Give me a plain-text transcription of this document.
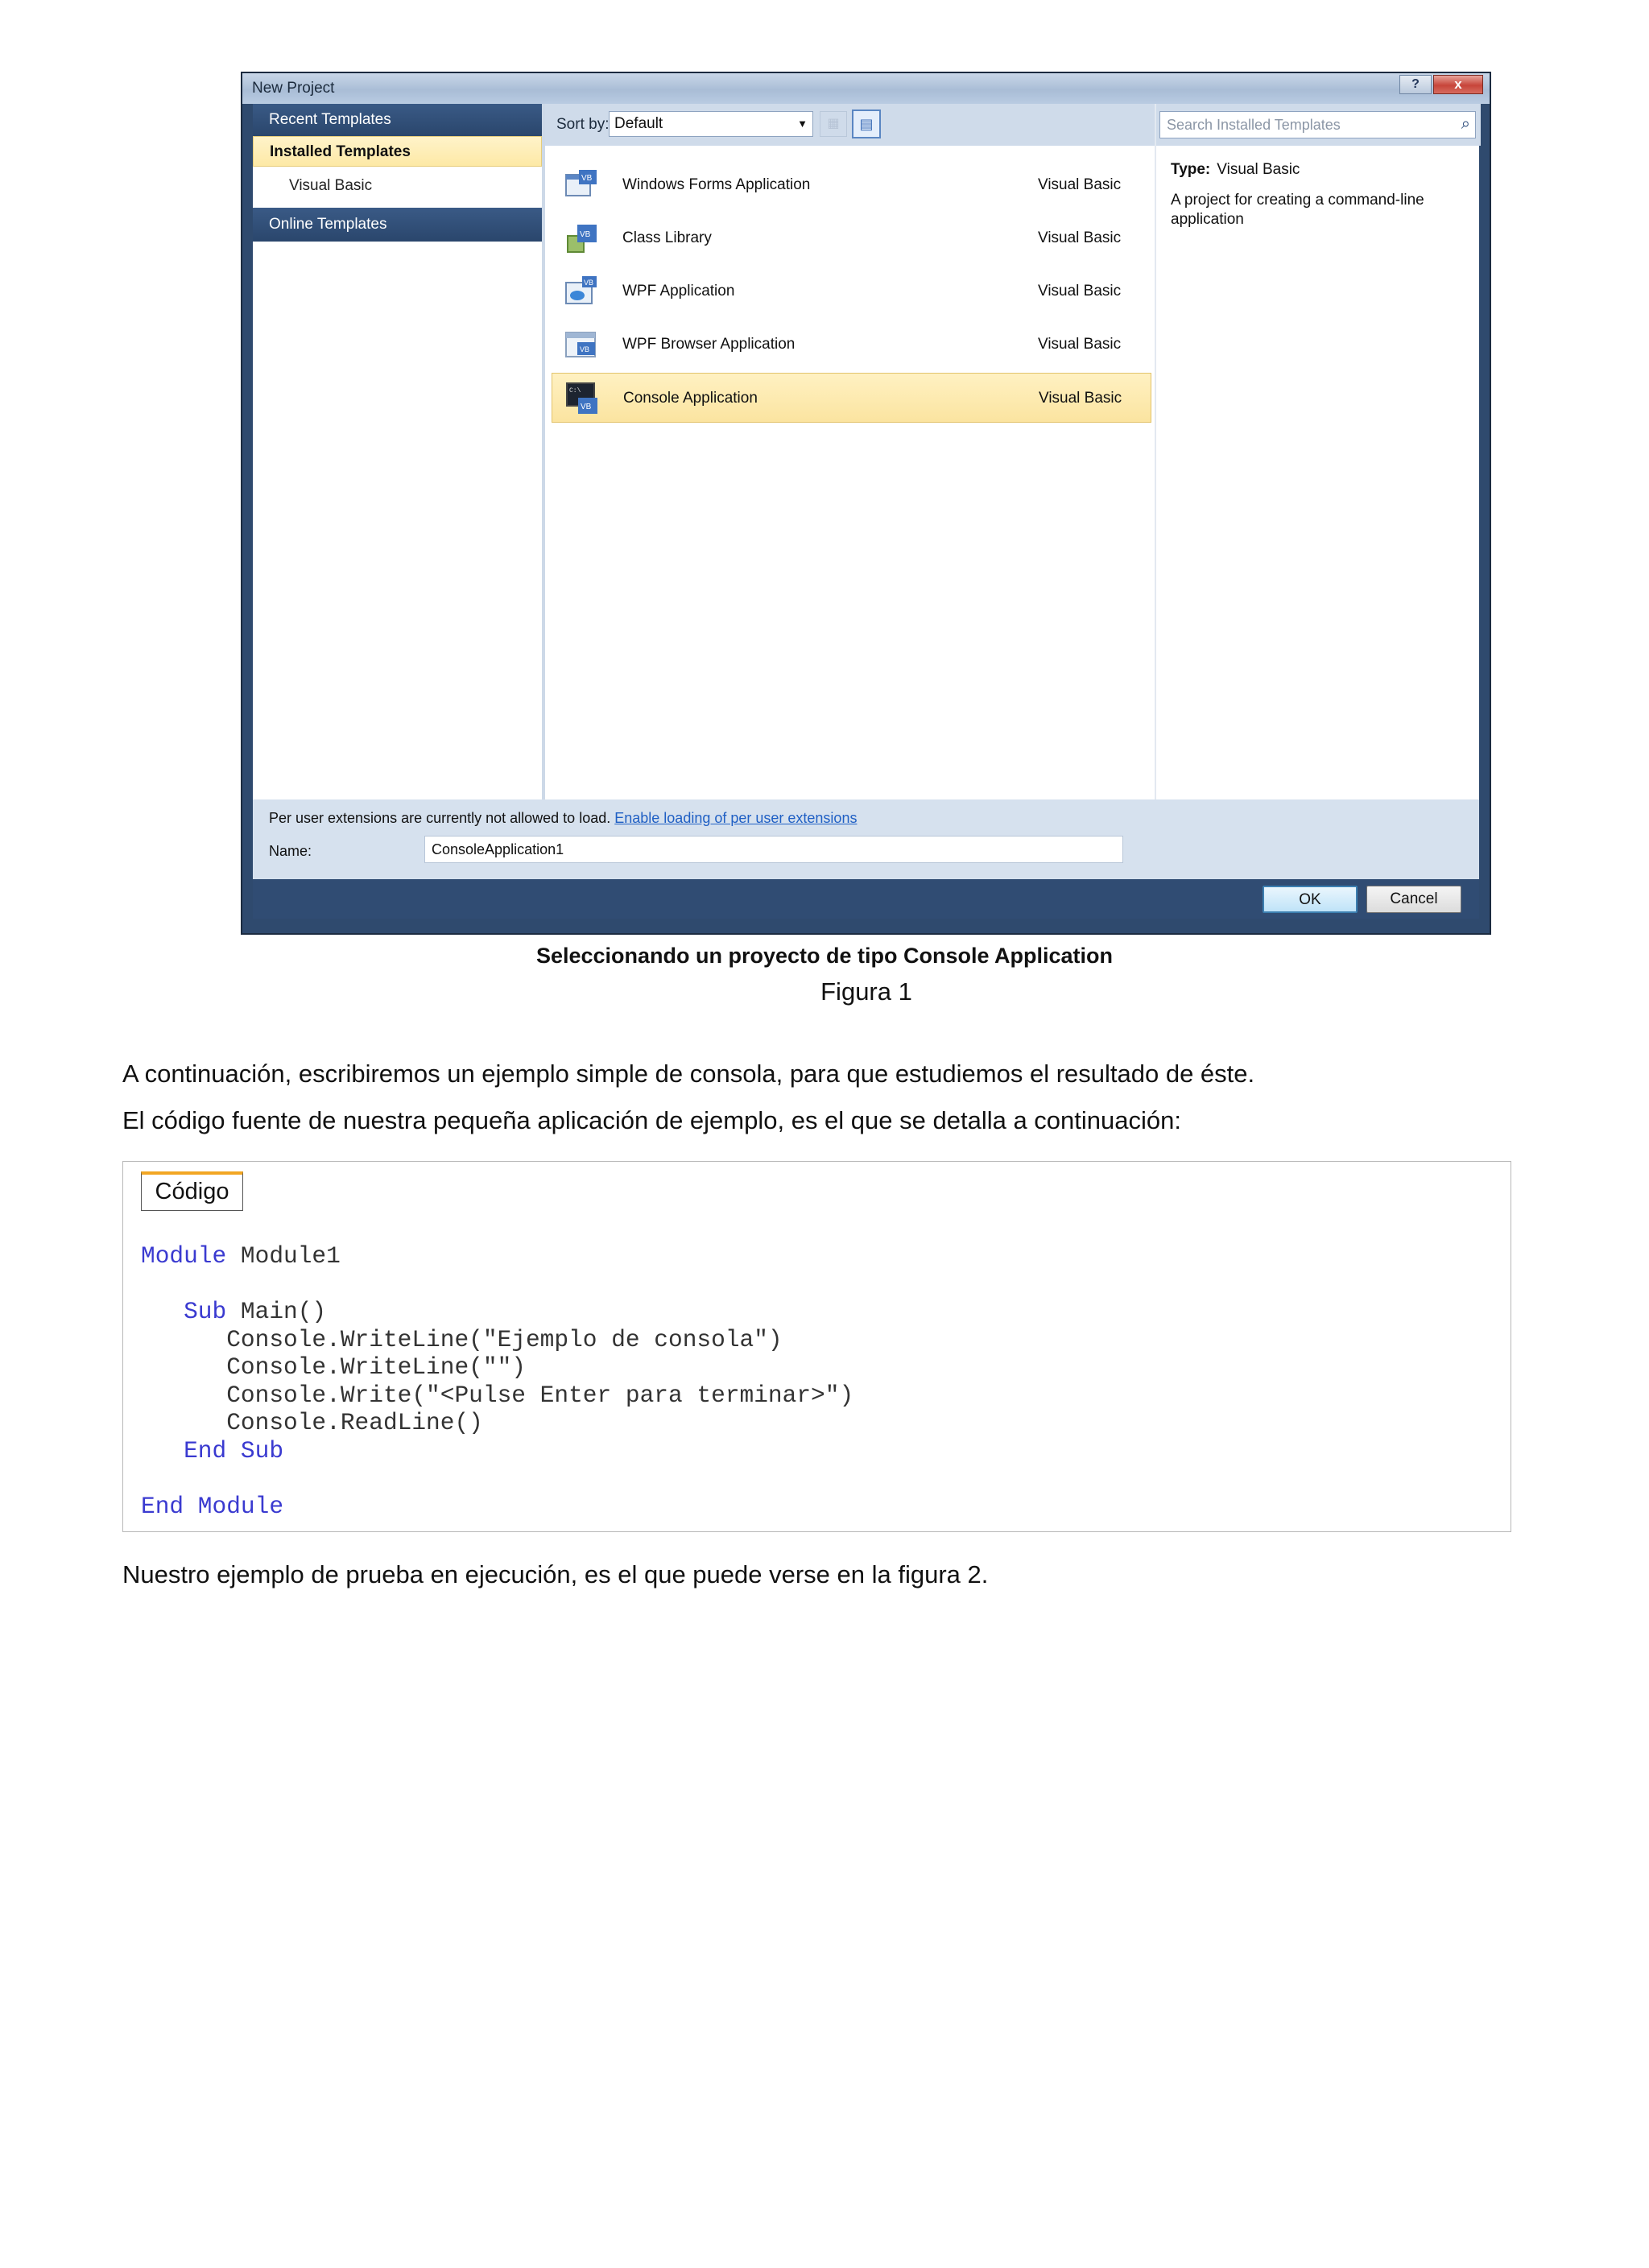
New Project	?	x
Recent Templates
Installed Templates
Visual Basic
Online Templates
Sort by: Default	▼	▦	▤
VB Windows Forms Application	Visual Basic
VB Class Library	Visual Basic
VB WPF Application	Visual Basic
VB WPF Browser Application	Visual Basic
C:\
VB
Console Application	Visual Basic
Search Installed Templates	⌕
Type: Visual Basic
A project for creating a command-line application
Per user extensions are currently not allowed to load. Enable loading of per user extensions
Name:	ConsoleApplication1
OK	Cancel
Seleccionando un proyecto de tipo Console Application
Figura 1
A continuación, escribiremos un ejemplo simple de consola, para que estudiemos el resultado de éste.
El código fuente de nuestra pequeña aplicación de ejemplo, es el que se detalla a continuación:
Código
Module Module1

Sub Main()
Console.WriteLine("Ejemplo de consola")
Console.WriteLine("")
Console.Write("<Pulse Enter para terminar>")
Console.ReadLine()
End Sub

End Module
Nuestro ejemplo de prueba en ejecución, es el que puede verse en la figura 2.
